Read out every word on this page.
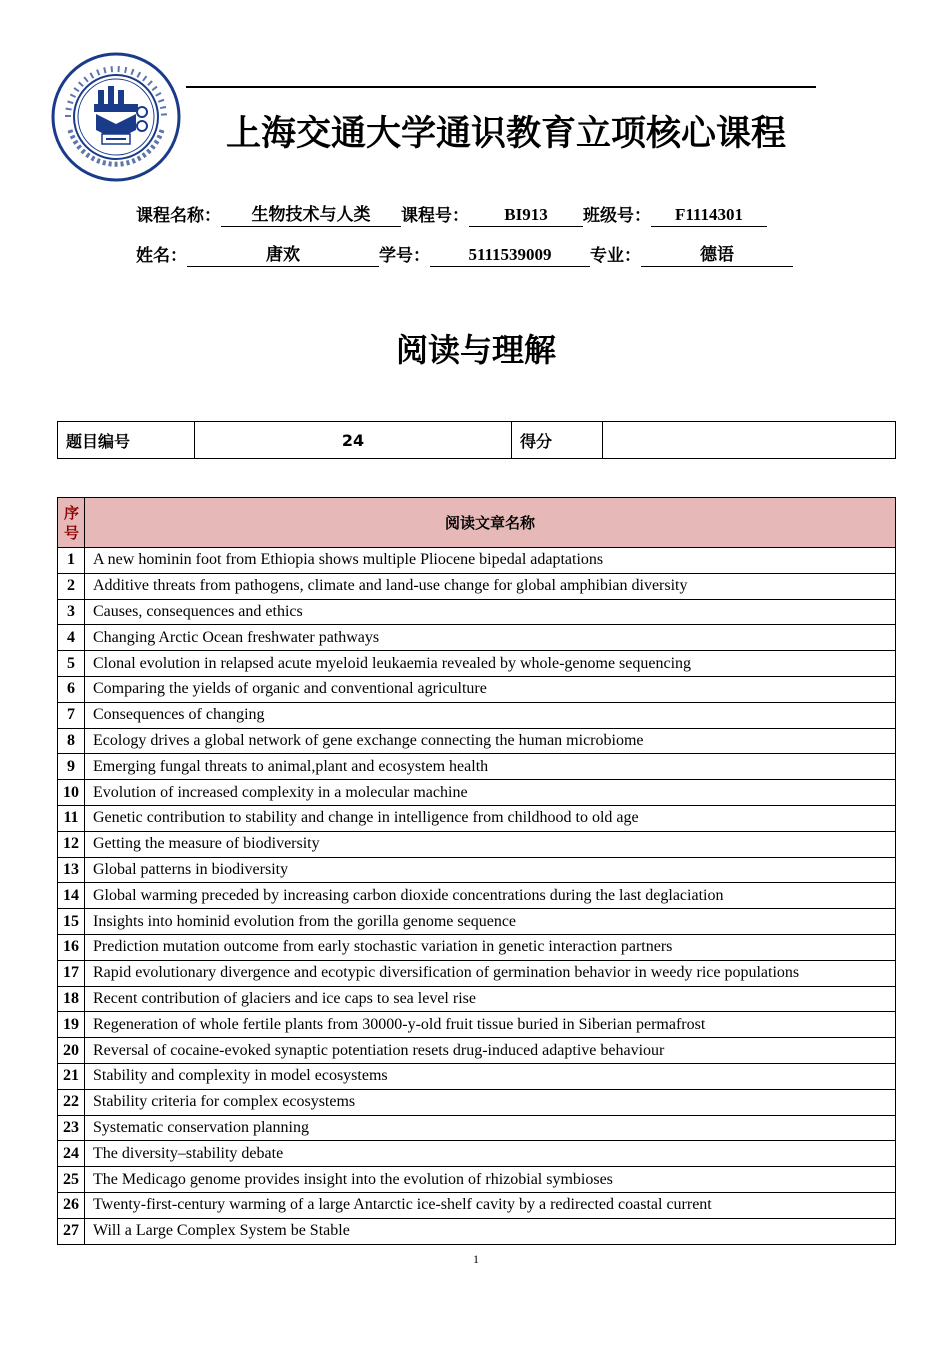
上海交通大学通识教育立项核心课程
课程名称： 生物技术与人类 课程号： BI913 班级号： F1114301
姓名：	唐欢	学号： 5111539009 专业：	德语
阅读与理解
题目编号	24	得分	
序号	阅读文章名称
1	A new hominin foot from Ethiopia shows multiple Pliocene bipedal adaptations
2	Additive threats from pathogens, climate and land-use change for global amphibian diversity
3	Causes, consequences and ethics
4	Changing Arctic Ocean freshwater pathways
5	Clonal evolution in relapsed acute myeloid leukaemia revealed by whole-genome sequencing
6	Comparing the yields of organic and conventional agriculture
7	Consequences of changing
8	Ecology drives a global network of gene exchange connecting the human microbiome
9	Emerging fungal threats to animal,plant and ecosystem health
10	Evolution of increased complexity in a molecular machine
11	Genetic contribution to stability and change in intelligence from childhood to old age
12	Getting the measure of biodiversity
13	Global patterns in biodiversity
14	Global warming preceded by increasing carbon dioxide concentrations during the last deglaciation
15	Insights into hominid evolution from the gorilla genome sequence
16	Prediction mutation outcome from early stochastic variation in genetic interaction partners
17	Rapid evolutionary divergence and ecotypic diversification of germination behavior in weedy rice populations
18	Recent contribution of glaciers and ice caps to sea level rise
19	Regeneration of whole fertile plants from 30000-y-old fruit tissue buried in Siberian permafrost
20	Reversal of cocaine-evoked synaptic potentiation resets drug-induced adaptive behaviour
21	Stability and complexity in model ecosystems
22	Stability criteria for complex ecosystems
23	Systematic conservation planning
24	The diversity–stability debate
25	The Medicago genome provides insight into the evolution of rhizobial symbioses
26	Twenty-first-century warming of a large Antarctic ice-shelf cavity by a redirected coastal current
27	Will a Large Complex System be Stable
1
